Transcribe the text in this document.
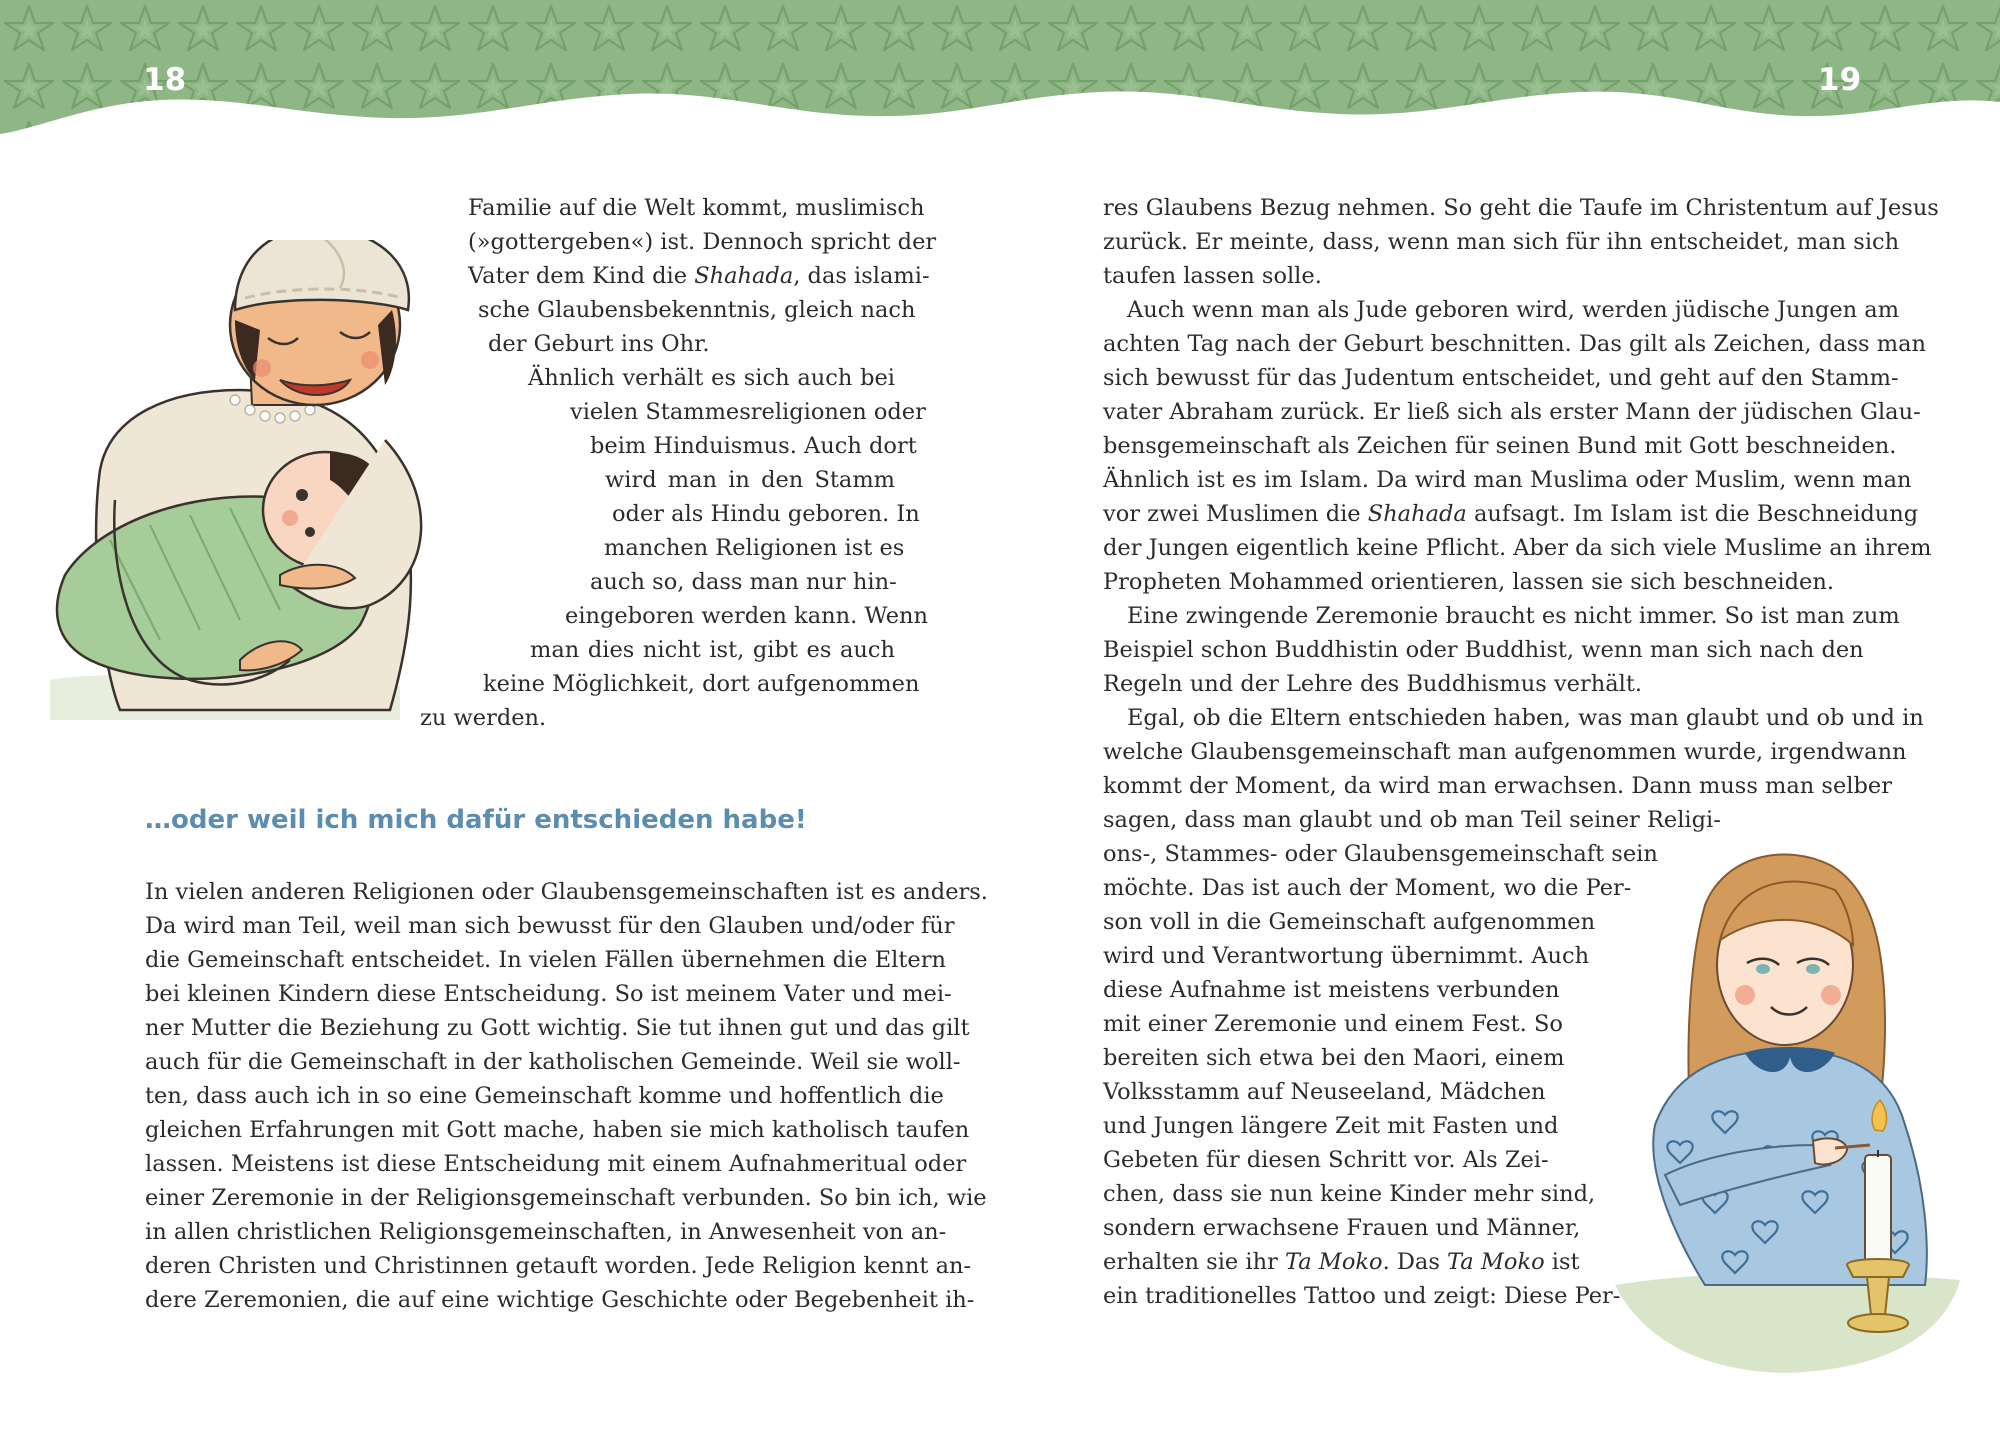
18	19
Familie auf die Welt kommt, muslimisch
(»gottergeben«) ist. Dennoch spricht der
Vater dem Kind die Shahada, das islami-
sche Glaubensbekenntnis, gleich nach
der Geburt ins Ohr.
Ähnlich verhält es sich auch bei
vielen Stammesreligionen oder
beim Hinduismus. Auch dort
wird man in den Stamm
oder als Hindu geboren. In
manchen Religionen ist es
auch so, dass man nur hin-
eingeboren werden kann. Wenn
man dies nicht ist, gibt es auch
keine Möglichkeit, dort aufgenommen
zu werden.
…oder weil ich mich dafür entschieden habe!
In vielen anderen Religionen oder Glaubensgemeinschaften ist es anders.
Da wird man Teil, weil man sich bewusst für den Glauben und/oder für
die Gemeinschaft entscheidet. In vielen Fällen übernehmen die Eltern
bei kleinen Kindern diese Entscheidung. So ist meinem Vater und mei-
ner Mutter die Beziehung zu Gott wichtig. Sie tut ihnen gut und das gilt
auch für die Gemeinschaft in der katholischen Gemeinde. Weil sie woll-
ten, dass auch ich in so eine Gemeinschaft komme und hoffentlich die
gleichen Erfahrungen mit Gott mache, haben sie mich katholisch taufen
lassen. Meistens ist diese Entscheidung mit einem Aufnahmeritual oder
einer Zeremonie in der Religionsgemeinschaft verbunden. So bin ich, wie
in allen christlichen Religionsgemeinschaften, in Anwesenheit von an-
deren Christen und Christinnen getauft worden. Jede Religion kennt an-
dere Zeremonien, die auf eine wichtige Geschichte oder Begebenheit ih-
res Glaubens Bezug nehmen. So geht die Taufe im Christentum auf Jesus
zurück. Er meinte, dass, wenn man sich für ihn entscheidet, man sich
taufen lassen solle.
Auch wenn man als Jude geboren wird, werden jüdische Jungen am
achten Tag nach der Geburt beschnitten. Das gilt als Zeichen, dass man
sich bewusst für das Judentum entscheidet, und geht auf den Stamm-
vater Abraham zurück. Er ließ sich als erster Mann der jüdischen Glau-
bensgemeinschaft als Zeichen für seinen Bund mit Gott beschneiden.
Ähnlich ist es im Islam. Da wird man Muslima oder Muslim, wenn man
vor zwei Muslimen die Shahada aufsagt. Im Islam ist die Beschneidung
der Jungen eigentlich keine Pflicht. Aber da sich viele Muslime an ihrem
Propheten Mohammed orientieren, lassen sie sich beschneiden.
Eine zwingende Zeremonie braucht es nicht immer. So ist man zum
Beispiel schon Buddhistin oder Buddhist, wenn man sich nach den
Regeln und der Lehre des Buddhismus verhält.
Egal, ob die Eltern entschieden haben, was man glaubt und ob und in
welche Glaubensgemeinschaft man aufgenommen wurde, irgendwann
kommt der Moment, da wird man erwachsen. Dann muss man selber
sagen, dass man glaubt und ob man Teil seiner Religi-
ons-, Stammes- oder Glaubensgemeinschaft sein
möchte. Das ist auch der Moment, wo die Per-
son voll in die Gemeinschaft aufgenommen
wird und Verantwortung übernimmt. Auch
diese Aufnahme ist meistens verbunden
mit einer Zeremonie und einem Fest. So
bereiten sich etwa bei den Maori, einem
Volksstamm auf Neuseeland, Mädchen
und Jungen längere Zeit mit Fasten und
Gebeten für diesen Schritt vor. Als Zei-
chen, dass sie nun keine Kinder mehr sind,
sondern erwachsene Frauen und Männer,
erhalten sie ihr Ta Moko. Das Ta Moko ist
ein traditionelles Tattoo und zeigt: Diese Per-
